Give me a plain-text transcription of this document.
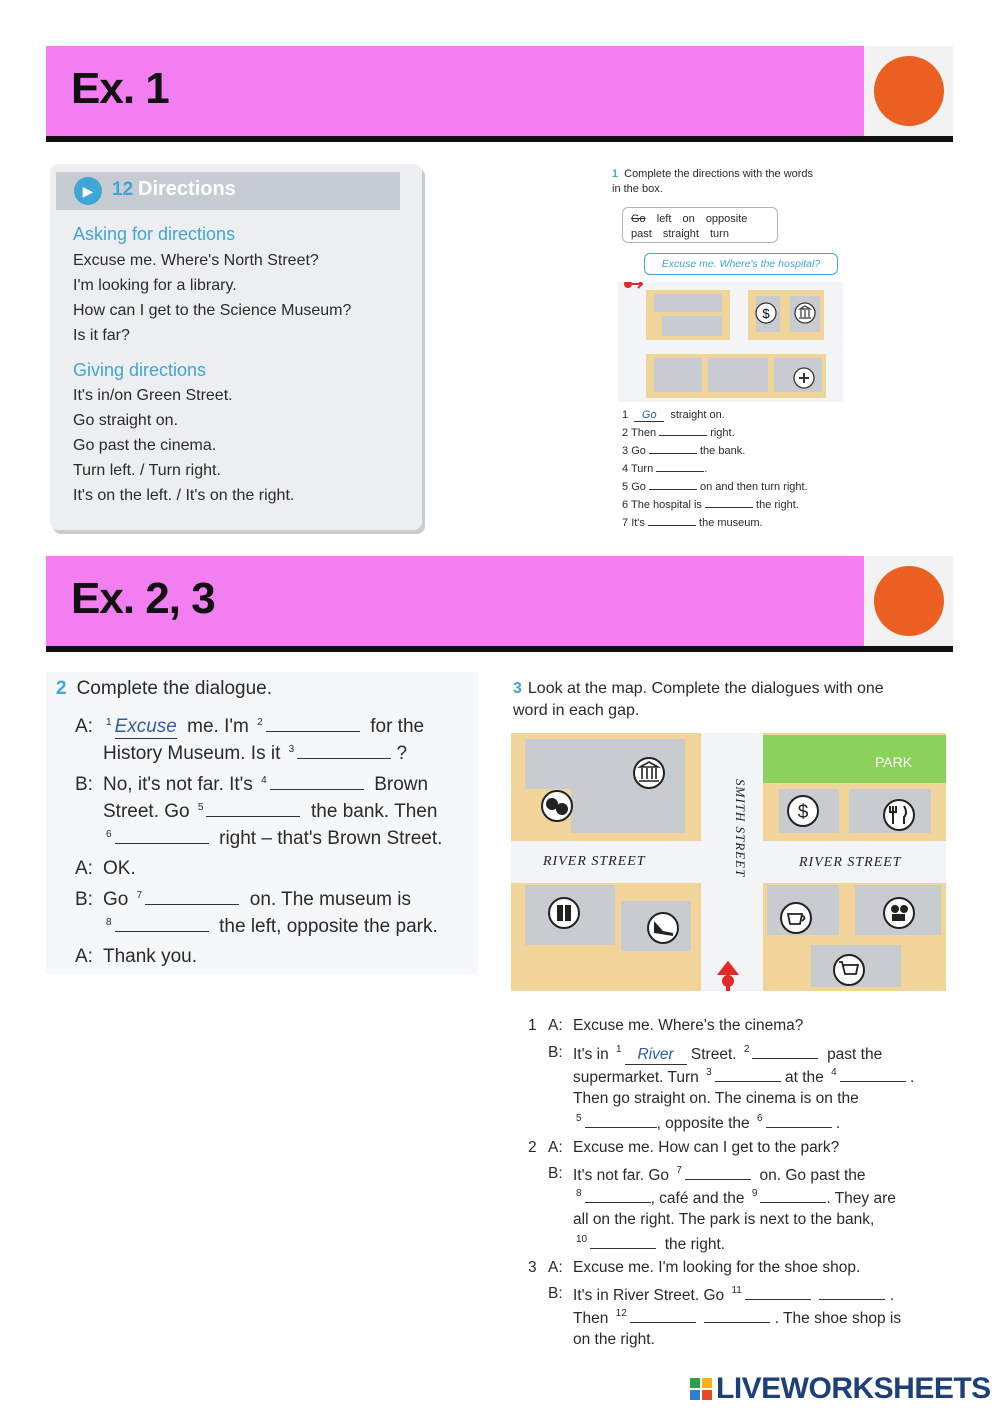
Ex. 1
▶ 12 Directions
Asking for directions
Excuse me. Where's North Street?
I'm looking for a library.
How can I get to the Science Museum?
Is it far?
Giving directions
It's in/on Green Street.
Go straight on.
Go past the cinema.
Turn left. / Turn right.
It's on the left. / It's on the right.
1 Complete the directions with the words
in the box.
Go left on opposite
past straight turn
Excuse me. Where's the hospital?
$
1 Go straight on.
2 Then	right.
3 Go	the bank.
4 Turn	.
5 Go	on and then turn right.
6 The hospital is	the right.
7 It's	the museum.
Ex. 2, 3
2 Complete the dialogue.
A:	$^1$ Excuse me. I'm $^2$	for the
History Museum. Is it $^3$	?
B: No, it's not far. It's $^4$	Brown
Street. Go $^5$	the bank. Then
$^6$	right – that's Brown Street.
A: OK.
B: Go $^7$	on. The museum is
$^8$	the left, opposite the park.
A: Thank you.
3 Look at the map. Complete the dialogues with one
word in each gap.
PARK
RIVER STREET	RIVER STREET
SMITH STREET	$
1 A: Excuse me. Where's the cinema?
B: It's in $^1$ River Street. $^2$	past the
supermarket. Turn $^3$	at the $^4$	.
Then go straight on. The cinema is on the
$^5$	, opposite the $^6$	.
2 A: Excuse me. How can I get to the park?
B: It's not far. Go $^7$	on. Go past the
$^8$	, café and the $^9$	. They are
all on the right. The park is next to the bank,
$^{10}$	the right.
3 A: Excuse me. I'm looking for the shoe shop.
B: It's in River Street. Go $^{11}$	.
Then $^{12}$	. The shoe shop is
on the right.
LIVEWORKSHEETS
